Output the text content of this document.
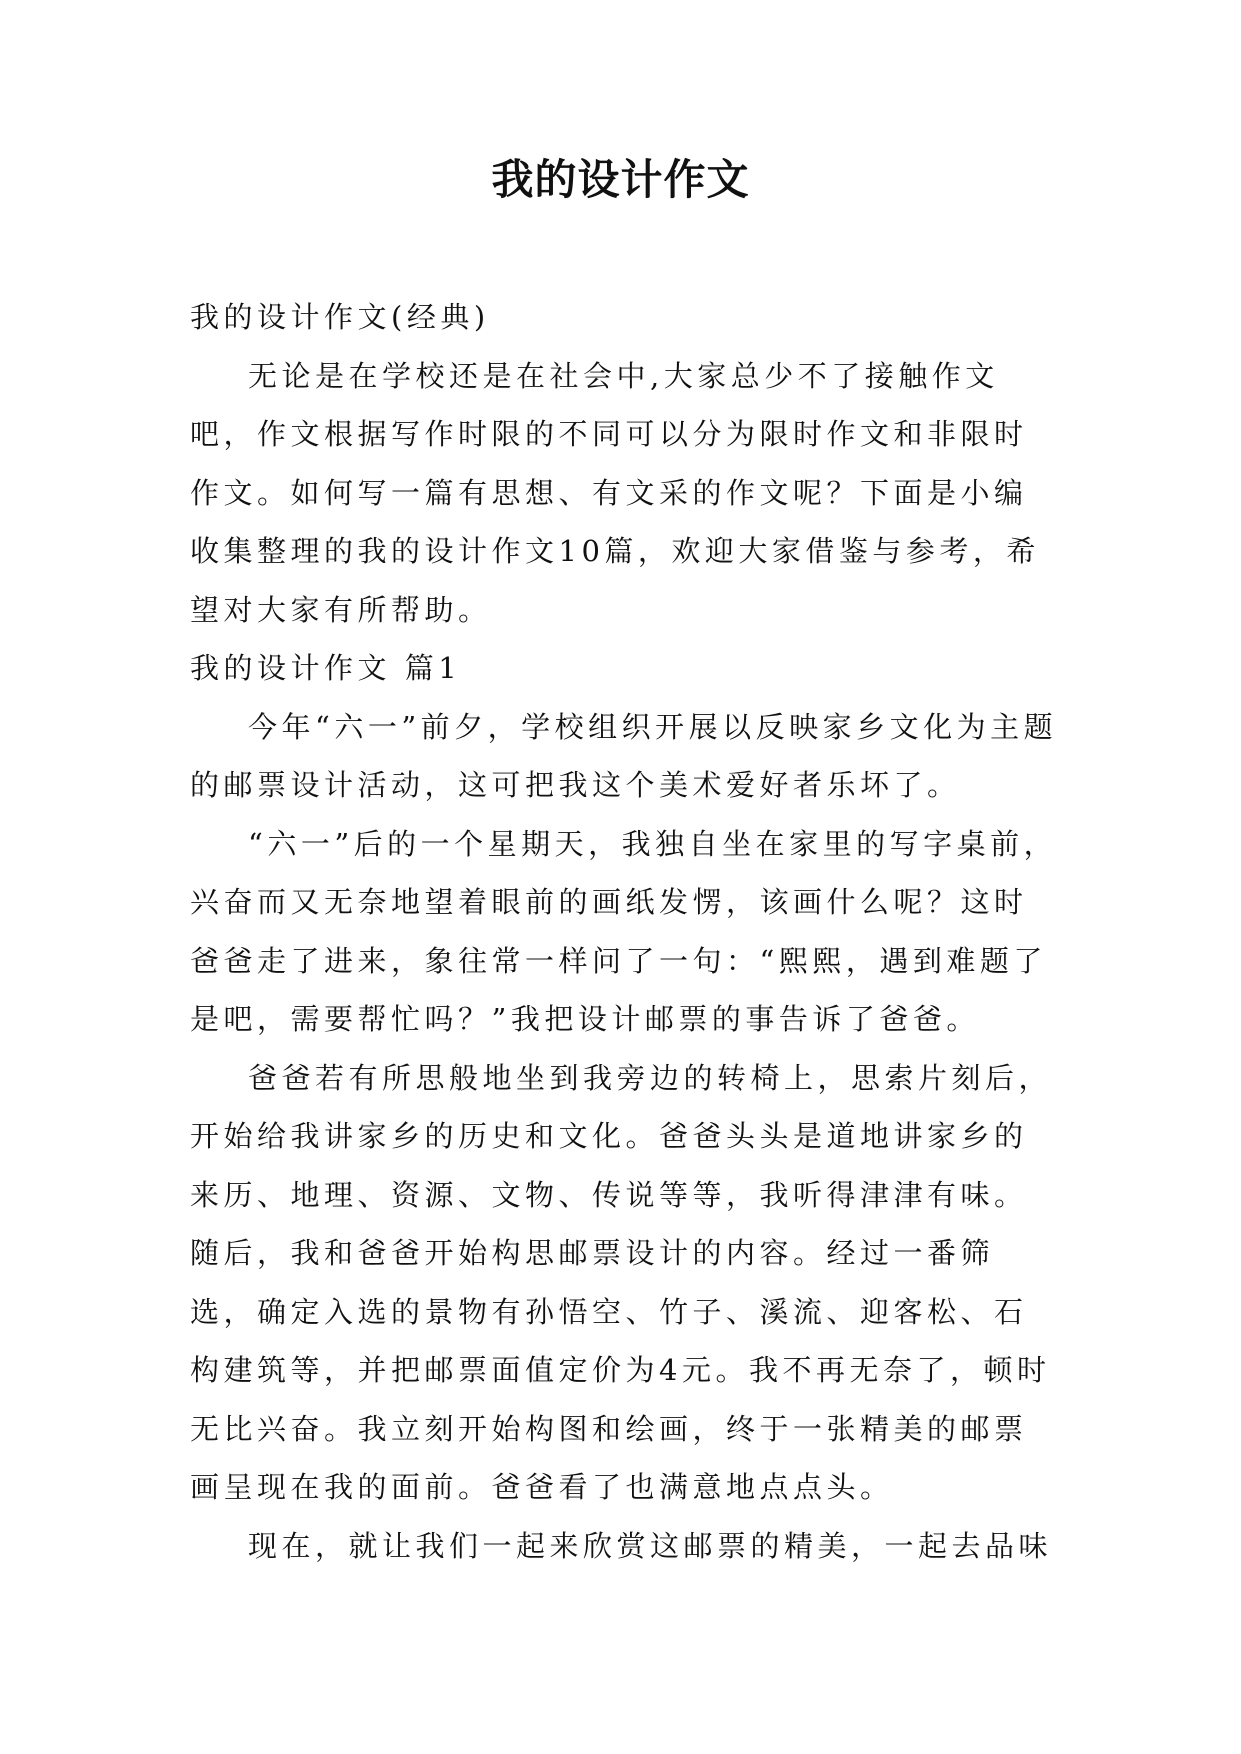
我的设计作文

我的设计作文(经典)

无论是在学校还是在社会中,大家总少不了接触作文吧，作文根据写作时限的不同可以分为限时作文和非限时作文。如何写一篇有思想、有文采的作文呢？下面是小编收集整理的我的设计作文10篇，欢迎大家借鉴与参考，希望对大家有所帮助。

我的设计作文 篇1

今年“六一”前夕，学校组织开展以反映家乡文化为主题的邮票设计活动，这可把我这个美术爱好者乐坏了。

“六一”后的一个星期天，我独自坐在家里的写字桌前，兴奋而又无奈地望着眼前的画纸发愣，该画什么呢？这时爸爸走了进来，象往常一样问了一句：“熙熙，遇到难题了是吧，需要帮忙吗？”我把设计邮票的事告诉了爸爸。

爸爸若有所思般地坐到我旁边的转椅上，思索片刻后，开始给我讲家乡的历史和文化。爸爸头头是道地讲家乡的来历、地理、资源、文物、传说等等，我听得津津有味。随后，我和爸爸开始构思邮票设计的内容。经过一番筛选，确定入选的景物有孙悟空、竹子、溪流、迎客松、石构建筑等，并把邮票面值定价为4元。我不再无奈了，顿时无比兴奋。我立刻开始构图和绘画，终于一张精美的邮票画呈现在我的面前。爸爸看了也满意地点点头。

现在，就让我们一起来欣赏这邮票的精美，一起去品味
